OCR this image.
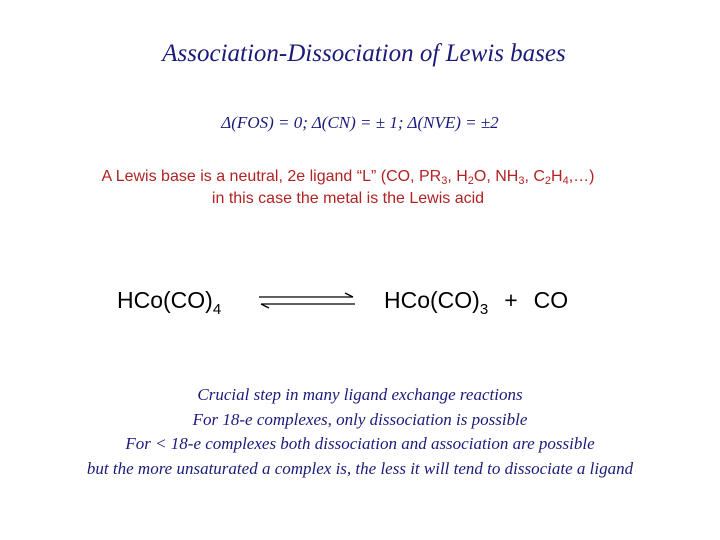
Association-Dissociation of Lewis bases
Δ(FOS) = 0; Δ(CN) = ± 1; Δ(NVE) = ±2
A Lewis base is a neutral, 2e ligand “L” (CO, $PR_3$, $H_2O$, $NH_3$, $C_2H_4,\dots$)
in this case the metal is the Lewis acid
$HCo(CO)_4$	$HCo(CO)_3$ + CO
Crucial step in many ligand exchange reactions
For 18-e complexes, only dissociation is possible
For < 18-e complexes both dissociation and association are possible
but the more unsaturated a complex is, the less it will tend to dissociate a ligand
